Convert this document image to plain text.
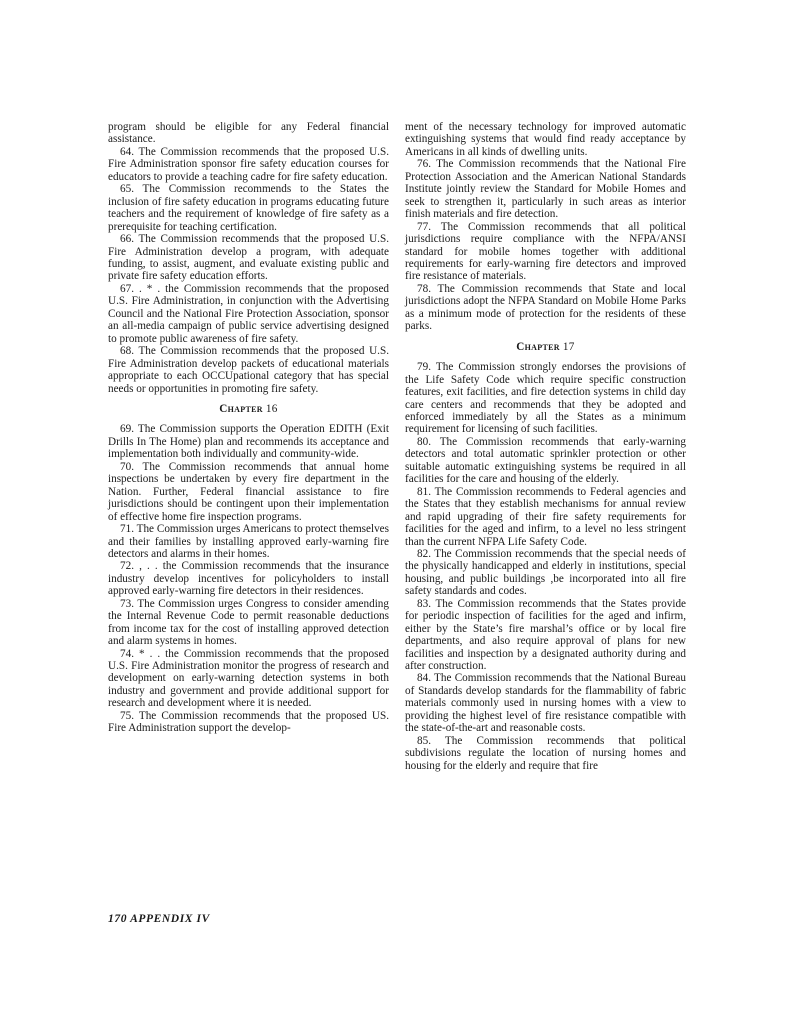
program should be eligible for any Federal financial assistance.

64. The Commission recommends that the proposed U.S. Fire Administration sponsor fire safety education courses for educators to provide a teaching cadre for fire safety education.

65. The Commission recommends to the States the inclusion of fire safety education in programs educating future teachers and the requirement of knowledge of fire safety as a prerequisite for teaching certification.

66. The Commission recommends that the proposed U.S. Fire Administration develop a program, with adequate funding, to assist, augment, and evaluate existing public and private fire safety education efforts.

67. . * . the Commission recommends that the proposed U.S. Fire Administration, in conjunction with the Advertising Council and the National Fire Protection Association, sponsor an all-media campaign of public service advertising designed to promote public awareness of fire safety.

68. The Commission recommends that the proposed U.S. Fire Administration develop packets of educational materials appropriate to each OCCUpational category that has special needs or opportunities in promoting fire safety.

Chapter 16

69. The Commission supports the Operation EDITH (Exit Drills In The Home) plan and recommends its acceptance and implementation both individually and community-wide.

70. The Commission recommends that annual home inspections be undertaken by every fire department in the Nation. Further, Federal financial assistance to fire jurisdictions should be contingent upon their implementation of effective home fire inspection programs.

71. The Commission urges Americans to protect themselves and their families by installing approved early-warning fire detectors and alarms in their homes.

72. , . . the Commission recommends that the insurance industry develop incentives for policyholders to install approved early-warning fire detectors in their residences.

73. The Commission urges Congress to consider amending the Internal Revenue Code to permit reasonable deductions from income tax for the cost of installing approved detection and alarm systems in homes.

74. * . . the Commission recommends that the proposed U.S. Fire Administration monitor the progress of research and development on early-warning detection systems in both industry and government and provide additional support for research and development where it is needed.

75. The Commission recommends that the proposed US. Fire Administration support the develop-

ment of the necessary technology for improved automatic extinguishing systems that would find ready acceptance by Americans in all kinds of dwelling units.

76. The Commission recommends that the National Fire Protection Association and the American National Standards Institute jointly review the Standard for Mobile Homes and seek to strengthen it, particularly in such areas as interior finish materials and fire detection.

77. The Commission recommends that all political jurisdictions require compliance with the NFPA/ANSI standard for mobile homes together with additional requirements for early-warning fire detectors and improved fire resistance of materials.

78. The Commission recommends that State and local jurisdictions adopt the NFPA Standard on Mobile Home Parks as a minimum mode of protection for the residents of these parks.

Chapter 17

79. The Commission strongly endorses the provisions of the Life Safety Code which require specific construction features, exit facilities, and fire detection systems in child day care centers and recommends that they be adopted and enforced immediately by all the States as a minimum requirement for licensing of such facilities.

80. The Commission recommends that early-warning detectors and total automatic sprinkler protection or other suitable automatic extinguishing systems be required in all facilities for the care and housing of the elderly.

81. The Commission recommends to Federal agencies and the States that they establish mechanisms for annual review and rapid upgrading of their fire safety requirements for facilities for the aged and infirm, to a level no less stringent than the current NFPA Life Safety Code.

82. The Commission recommends that the special needs of the physically handicapped and elderly in institutions, special housing, and public buildings ,be incorporated into all fire safety standards and codes.

83. The Commission recommends that the States provide for periodic inspection of facilities for the aged and infirm, either by the State’s fire marshal’s office or by local fire departments, and also require approval of plans for new facilities and inspection by a designated authority during and after construction.

84. The Commission recommends that the National Bureau of Standards develop standards for the flammability of fabric materials commonly used in nursing homes with a view to providing the highest level of fire resistance compatible with the state-of-the-art and reasonable costs.

85. The Commission recommends that political subdivisions regulate the location of nursing homes and housing for the elderly and require that fire

170 APPENDIX IV
